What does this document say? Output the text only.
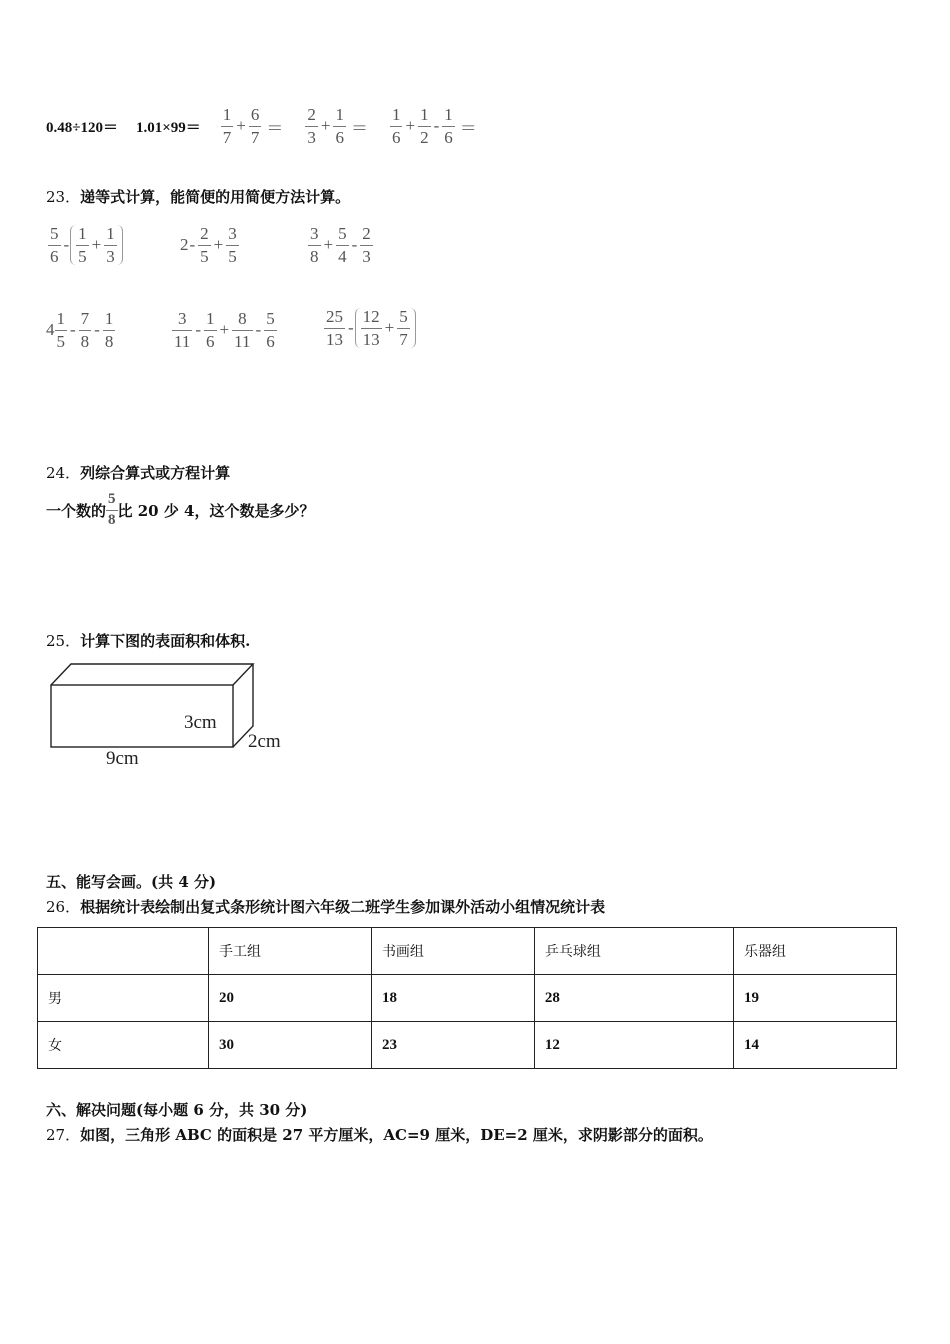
$0.48\div 120= 1.01\times 99= \frac{1}{7} + \frac{6}{7} = \frac{2}{3} + \frac{1}{6} = \frac{1}{6} + \frac{1}{2} - \frac{1}{6}$ ＝
23．递等式计算，能简便的用简便方法计算。
$\frac{5}{6} - \frac{1}{5} + \frac{1}{3}$	$2 - \frac{2}{5} + \frac{3}{5}$	$\frac{3}{8} + \frac{5}{4} - \frac{2}{3}$
$4 \frac{1}{5} - \frac{7}{8} - \frac{1}{8}$	$\frac{3}{11} - \frac{1}{6} + \frac{8}{11} - \frac{5}{6}$	$\frac{25}{13} - \frac{12}{13} + \frac{5}{7}$
24．列综合算式或方程计算
一个数的 $\frac{5}{8}$ 比 20 少 4，这个数是多少？
25．计算下图的表面积和体积.
3cm
2cm
9cm
五、能写会画。(共 4 分)
26．根据统计表绘制出复式条形统计图六年级二班学生参加课外活动小组情况统计表
	手工组	书画组	乒乓球组	乐器组
男	20	18	28	19
女	30	23	12	14
六、解决问题(每小题 6 分，共 30 分)
27．如图，三角形 ABC 的面积是 27 平方厘米，AC=9 厘米，DE=2 厘米，求阴影部分的面积。
